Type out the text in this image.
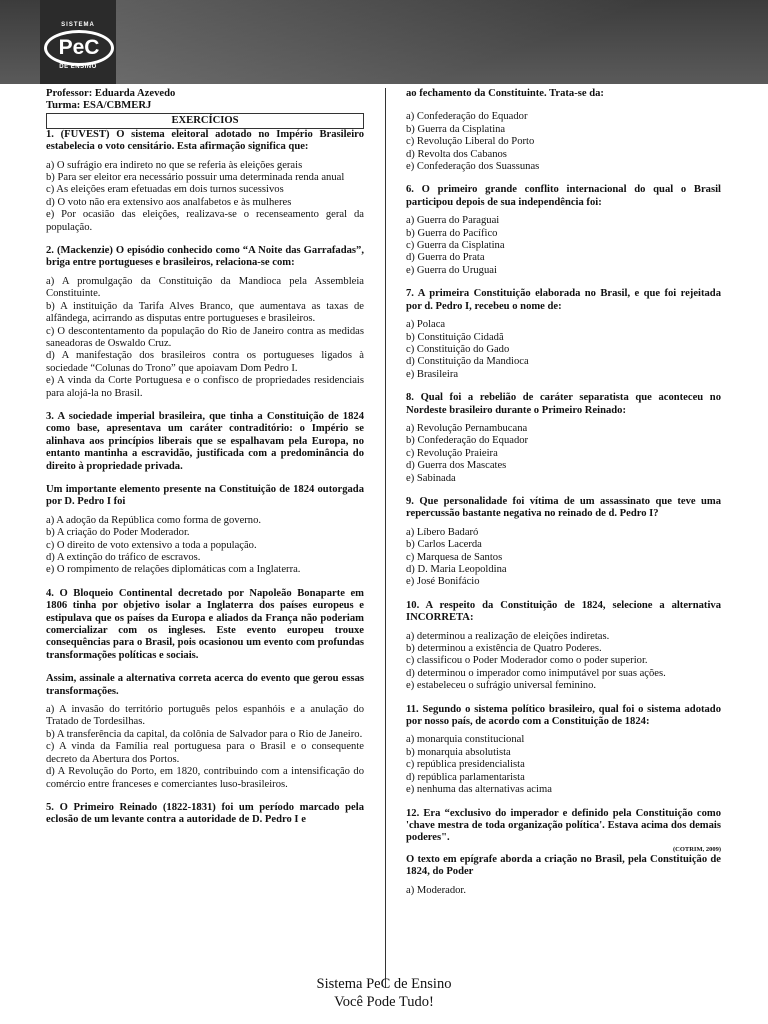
SISTEMA
PeC
DE ENSINO
Professor: Eduarda Azevedo
Turma: ESA/CBMERJ
EXERCÍCIOS
1. (FUVEST) O sistema eleitoral adotado no Império Brasileiro estabelecia o voto censitário. Esta afirmação significa que:
a) O sufrágio era indireto no que se referia às eleições gerais
b) Para ser eleitor era necessário possuir uma determinada renda anual
c) As eleições eram efetuadas em dois turnos sucessivos
d) O voto não era extensivo aos analfabetos e às mulheres
e) Por ocasião das eleições, realizava-se o recenseamento geral da população.
2. (Mackenzie) O episódio conhecido como “A Noite das Garrafadas”, briga entre portugueses e brasileiros, relaciona-se com:
a) A promulgação da Constituição da Mandioca pela Assembleia Constituinte.
b) A instituição da Tarifa Alves Branco, que aumentava as taxas de alfândega, acirrando as disputas entre portugueses e brasileiros.
c) O descontentamento da população do Rio de Janeiro contra as medidas saneadoras de Oswaldo Cruz.
d) A manifestação dos brasileiros contra os portugueses ligados à sociedade “Colunas do Trono” que apoiavam Dom Pedro I.
e) A vinda da Corte Portuguesa e o confisco de propriedades residenciais para alojá-la no Brasil.
3. A sociedade imperial brasileira, que tinha a Constituição de 1824 como base, apresentava um caráter contraditório: o Império se alinhava aos princípios liberais que se espalhavam pela Europa, no entanto mantinha a escravidão, justificada com a predominância do direito à propriedade privada.
Um importante elemento presente na Constituição de 1824 outorgada por D. Pedro I foi
a) A adoção da República como forma de governo.
b) A criação do Poder Moderador.
c) O direito de voto extensivo a toda a população.
d) A extinção do tráfico de escravos.
e) O rompimento de relações diplomáticas com a Inglaterra.
4. O Bloqueio Continental decretado por Napoleão Bonaparte em 1806 tinha por objetivo isolar a Inglaterra dos países europeus e estipulava que os países da Europa e aliados da França não poderiam comercializar com os ingleses. Este evento europeu trouxe consequências para o Brasil, pois ocasionou um evento com profundas transformações políticas e sociais.
Assim, assinale a alternativa correta acerca do evento que gerou essas transformações.
a) A invasão do território português pelos espanhóis e a anulação do Tratado de Tordesilhas.
b) A transferência da capital, da colônia de Salvador para o Rio de Janeiro.
c) A vinda da Família real portuguesa para o Brasil e o consequente decreto da Abertura dos Portos.
d) A Revolução do Porto, em 1820, contribuindo com a intensificação do comércio entre franceses e comerciantes luso-brasileiros.
5. O Primeiro Reinado (1822-1831) foi um período marcado pela eclosão de um levante contra a autoridade de D. Pedro I e
ao fechamento da Constituinte. Trata-se da:
a) Confederação do Equador
b) Guerra da Cisplatina
c) Revolução Liberal do Porto
d) Revolta dos Cabanos
e) Confederação dos Suassunas
6. O primeiro grande conflito internacional do qual o Brasil participou depois de sua independência foi:
a) Guerra do Paraguai
b) Guerra do Pacífico
c) Guerra da Cisplatina
d) Guerra do Prata
e) Guerra do Uruguai
7. A primeira Constituição elaborada no Brasil, e que foi rejeitada por d. Pedro I, recebeu o nome de:
a) Polaca
b) Constituição Cidadã
c) Constituição do Gado
d) Constituição da Mandioca
e) Brasileira
8. Qual foi a rebelião de caráter separatista que aconteceu no Nordeste brasileiro durante o Primeiro Reinado:
a) Revolução Pernambucana
b) Confederação do Equador
c) Revolução Praieira
d) Guerra dos Mascates
e) Sabinada
9. Que personalidade foi vítima de um assassinato que teve uma repercussão bastante negativa no reinado de d. Pedro I?
a) Líbero Badaró
b) Carlos Lacerda
c) Marquesa de Santos
d) D. Maria Leopoldina
e) José Bonifácio
10. A respeito da Constituição de 1824, selecione a alternativa INCORRETA:
a) determinou a realização de eleições indiretas.
b) determinou a existência de Quatro Poderes.
c) classificou o Poder Moderador como o poder superior.
d) determinou o imperador como inimputável por suas ações.
e) estabeleceu o sufrágio universal feminino.
11. Segundo o sistema político brasileiro, qual foi o sistema adotado por nosso país, de acordo com a Constituição de 1824:
a) monarquia constitucional
b) monarquia absolutista
c) república presidencialista
d) república parlamentarista
e) nenhuma das alternativas acima
12. Era “exclusivo do imperador e definido pela Constituição como 'chave mestra de toda organização política'. Estava acima dos demais poderes".
(COTRIM, 2009)
O texto em epígrafe aborda a criação no Brasil, pela Constituição de 1824, do Poder
a) Moderador.
Sistema PeC de Ensino
Você Pode Tudo!
